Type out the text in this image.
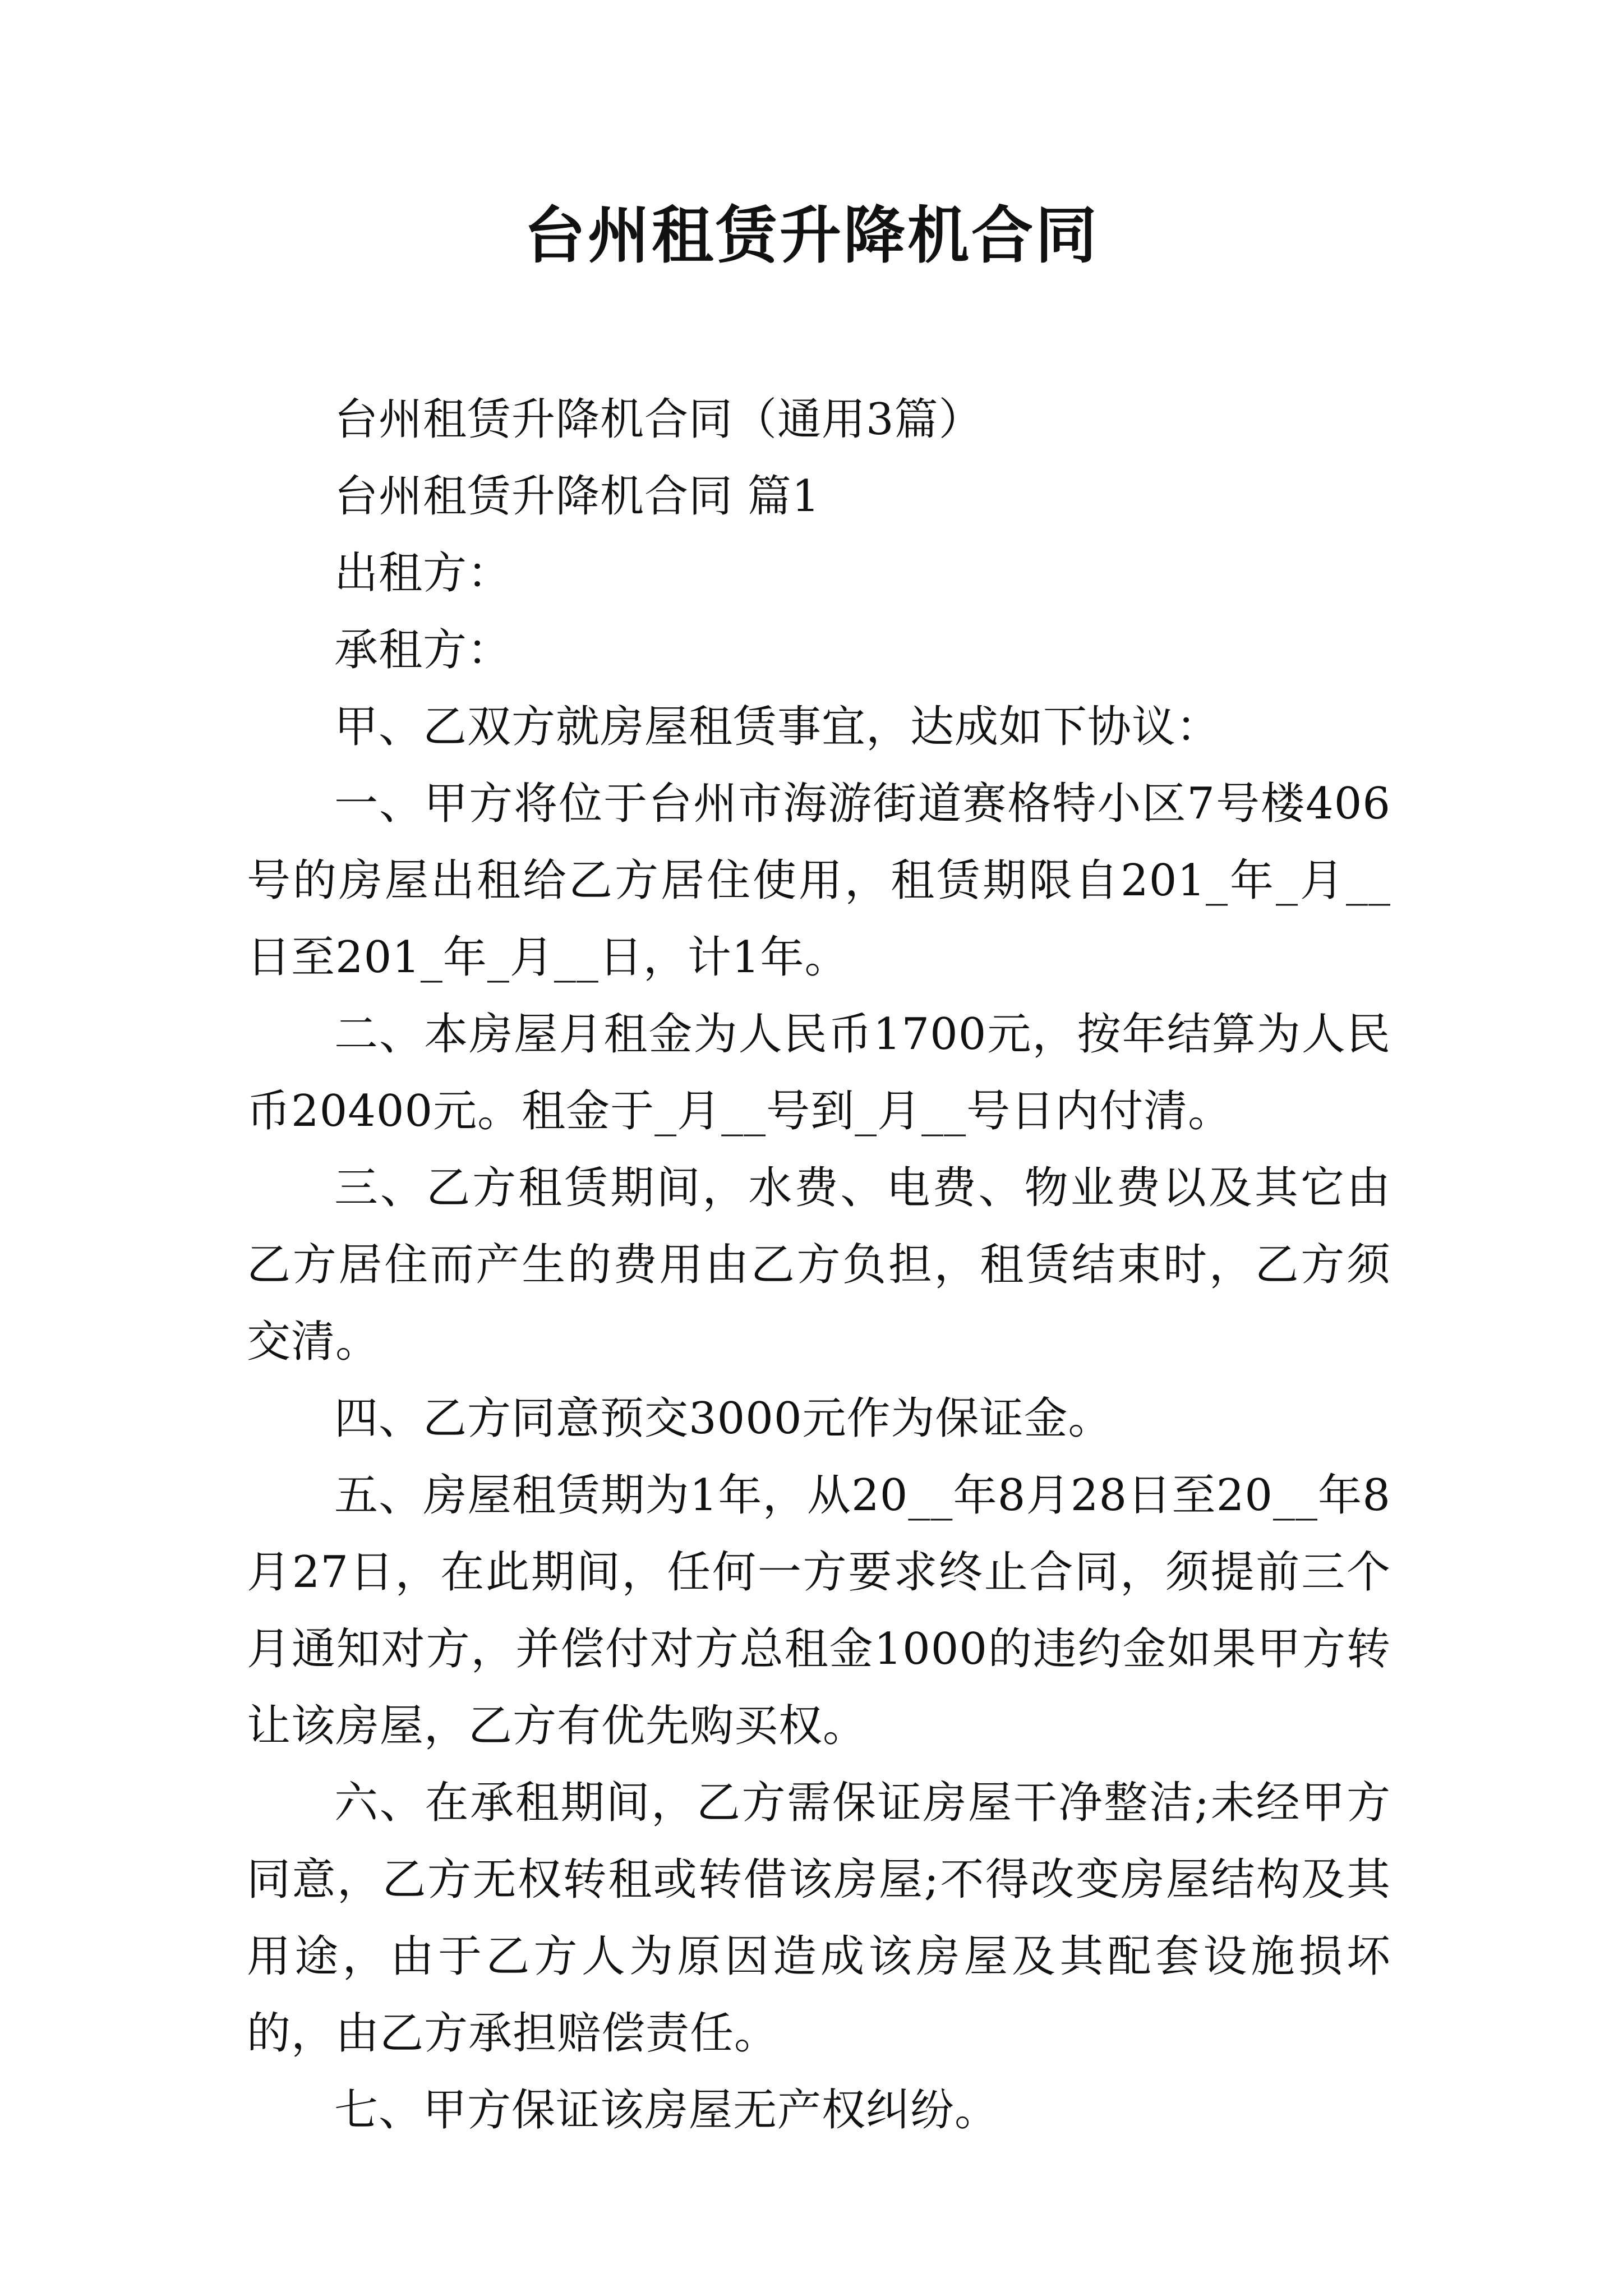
台州租赁升降机合同

台州租赁升降机合同（通用3篇）

台州租赁升降机合同 篇1

出租方：

承租方：

甲、乙双方就房屋租赁事宜，达成如下协议：

一、甲方将位于台州市海游街道赛格特小区7号楼406号的房屋出租给乙方居住使用，租赁期限自201_年_月__日至201_年_月__日，计1年。

二、本房屋月租金为人民币1700元，按年结算为人民币20400元。租金于_月__号到_月__号日内付清。

三、乙方租赁期间，水费、电费、物业费以及其它由乙方居住而产生的费用由乙方负担，租赁结束时，乙方须交清。

四、乙方同意预交3000元作为保证金。

五、房屋租赁期为1年，从20__年8月28日至20__年8月27日，在此期间，任何一方要求终止合同，须提前三个月通知对方，并偿付对方总租金1000的违约金如果甲方转让该房屋，乙方有优先购买权。

六、在承租期间，乙方需保证房屋干净整洁;未经甲方同意，乙方无权转租或转借该房屋;不得改变房屋结构及其用途，由于乙方人为原因造成该房屋及其配套设施损坏的，由乙方承担赔偿责任。

七、甲方保证该房屋无产权纠纷。
